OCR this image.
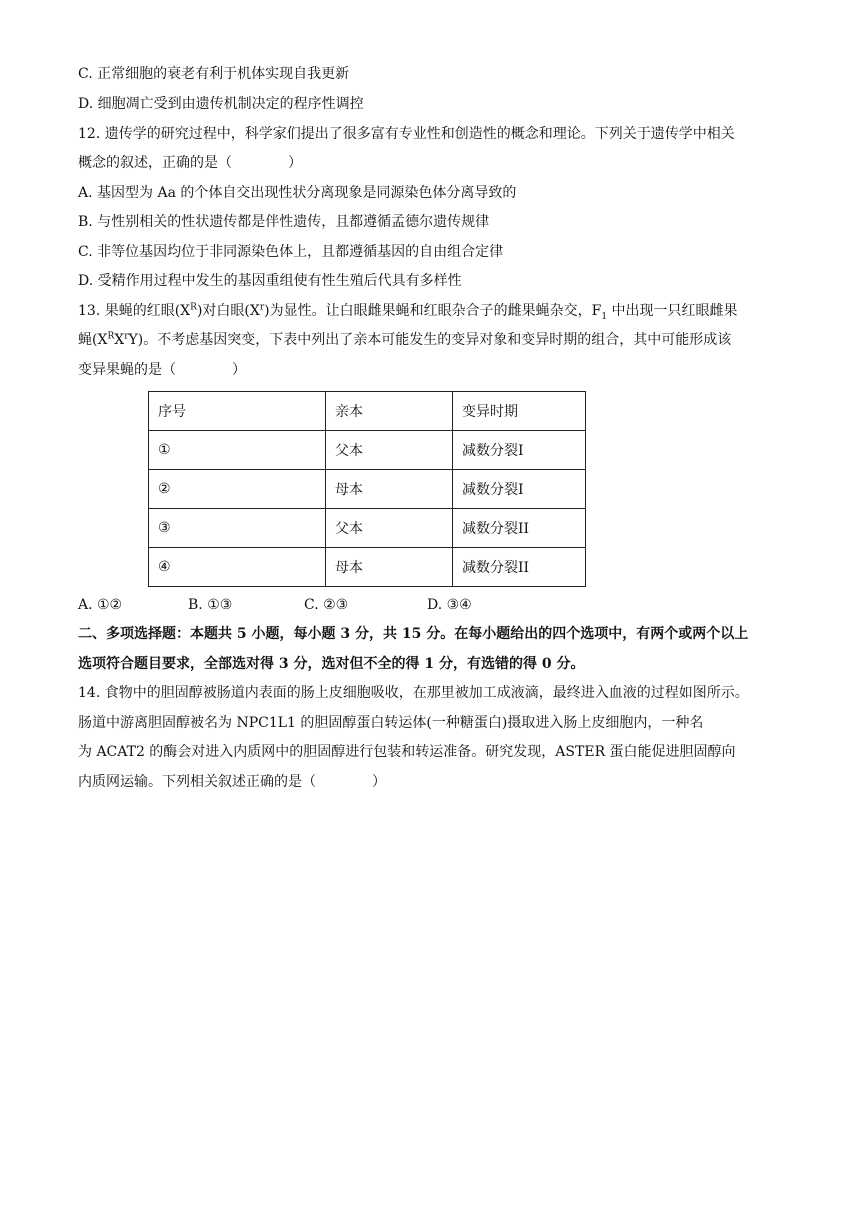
C. 正常细胞的衰老有利于机体实现自我更新
D. 细胞凋亡受到由遗传机制决定的程序性调控
12. 遗传学的研究过程中，科学家们提出了很多富有专业性和创造性的概念和理论。下列关于遗传学中相关
概念的叙述，正确的是（　　　　）
A. 基因型为 Aa 的个体自交出现性状分离现象是同源染色体分离导致的
B. 与性别相关的性状遗传都是伴性遗传，且都遵循孟德尔遗传规律
C. 非等位基因均位于非同源染色体上，且都遵循基因的自由组合定律
D. 受精作用过程中发生的基因重组使有性生殖后代具有多样性
13. 果蝇的红眼$(X^R)$对白眼$(X^r)$为显性。让白眼雌果蝇和红眼杂合子的雌果蝇杂交，$F_1$ 中出现一只红眼雌果
蝇$(X^RX^rY)$。不考虑基因突变，下表中列出了亲本可能发生的变异对象和变异时期的组合，其中可能形成该
变异果蝇的是（　　　　）
序号	亲本	变异时期
①	父本	减数分裂I
②	母本	减数分裂I
③	父本	减数分裂II
④	母本	减数分裂II
A. ①②	B. ①③	C. ②③	D. ③④
二、多项选择题：本题共 5 小题，每小题 3 分，共 15 分。在每小题给出的四个选项中，有两个或两个以上
选项符合题目要求，全部选对得 3 分，选对但不全的得 1 分，有选错的得 0 分。
14. 食物中的胆固醇被肠道内表面的肠上皮细胞吸收，在那里被加工成液滴，最终进入血液的过程如图所示。
肠道中游离胆固醇被名为 NPC1L1 的胆固醇蛋白转运体(一种糖蛋白)摄取进入肠上皮细胞内，一种名
为 ACAT2 的酶会对进入内质网中的胆固醇进行包装和转运准备。研究发现，ASTER 蛋白能促进胆固醇向
内质网运输。下列相关叙述正确的是（　　　　）
